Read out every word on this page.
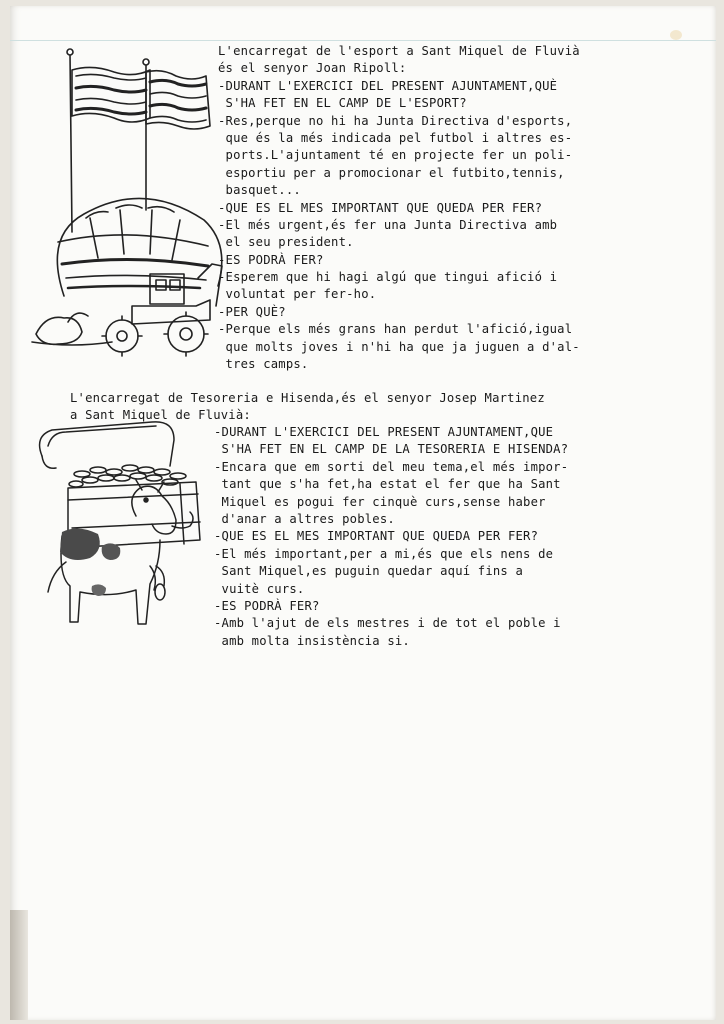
L'encarregat de l'esport a Sant Miquel de Fluvià
és el senyor Joan Ripoll:
-DURANT L'EXERCICI DEL PRESENT AJUNTAMENT,QUÈ
S'HA FET EN EL CAMP DE L'ESPORT?
-Res,perque no hi ha Junta Directiva d'esports,
que és la més indicada pel futbol i altres es-
ports.L'ajuntament té en projecte fer un poli-
esportiu per a promocionar el futbito,tennis,
basquet...
-QUE ES EL MES IMPORTANT QUE QUEDA PER FER?
-El més urgent,és fer una Junta Directiva amb
el seu president.
-ES PODRÀ FER?
-Esperem que hi hagi algú que tingui afició i
voluntat per fer-ho.
-PER QUÈ?
-Perque els més grans han perdut l'afició,igual
que molts joves i n'hi ha que ja juguen a d'al-
tres camps.
L'encarregat de Tesoreria e Hisenda,és el senyor Josep Martinez
a Sant Miquel de Fluvià:
-DURANT L'EXERCICI DEL PRESENT AJUNTAMENT,QUE
S'HA FET EN EL CAMP DE LA TESORERIA E HISENDA?
-Encara que em sorti del meu tema,el més impor-
tant que s'ha fet,ha estat el fer que ha Sant
Miquel es pogui fer cinquè curs,sense haber
d'anar a altres pobles.
-QUE ES EL MES IMPORTANT QUE QUEDA PER FER?
-El més important,per a mi,és que els nens de
Sant Miquel,es puguin quedar aquí fins a
vuitè curs.
-ES PODRÀ FER?
-Amb l'ajut de els mestres i de tot el poble i
amb molta insistència si.
